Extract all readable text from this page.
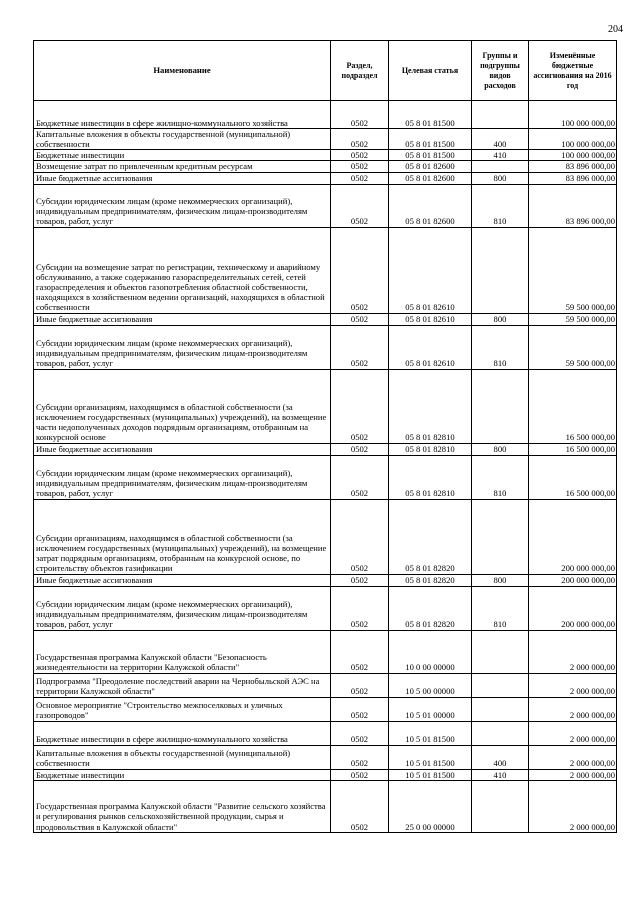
204
Наименование	Раздел, подраздел	Целевая статья	Группы и подгруппы видов расходов	Изменённые бюджетные ассигнования на 2016 год
Бюджетные инвестиции в сфере жилищно-коммунального хозяйства	0502	05 8 01 81500		100 000 000,00
Капитальные вложения в объекты государственной (муниципальной) собственности	0502	05 8 01 81500	400	100 000 000,00
Бюджетные инвестиции	0502	05 8 01 81500	410	100 000 000,00
Возмещение затрат по привлеченным кредитным ресурсам	0502	05 8 01 82600		83 896 000,00
Иные бюджетные ассигнования	0502	05 8 01 82600	800	83 896 000,00
Субсидии юридическим лицам (кроме некоммерческих организаций), индивидуальным предпринимателям, физическим лицам-производителям товаров, работ, услуг	0502	05 8 01 82600	810	83 896 000,00
Субсидии на возмещение затрат по регистрации, техническому и аварийному обслуживанию, а также содержанию газораспределительных сетей, сетей газораспределения и объектов газопотребления областной собственности, находящихся в хозяйственном ведении организаций, находящихся в областной собственности	0502	05 8 01 82610		59 500 000,00
Иные бюджетные ассигнования	0502	05 8 01 82610	800	59 500 000,00
Субсидии юридическим лицам (кроме некоммерческих организаций), индивидуальным предпринимателям, физическим лицам-производителям товаров, работ, услуг	0502	05 8 01 82610	810	59 500 000,00
Субсидии организациям, находящимся в областной собственности (за исключением государственных (муниципальных) учреждений), на возмещение части недополученных доходов подрядным организациям, отобранным на конкурсной основе	0502	05 8 01 82810		16 500 000,00
Иные бюджетные ассигнования	0502	05 8 01 82810	800	16 500 000,00
Субсидии юридическим лицам (кроме некоммерческих организаций), индивидуальным предпринимателям, физическим лицам-производителям товаров, работ, услуг	0502	05 8 01 82810	810	16 500 000,00
Субсидии организациям, находящимся в областной собственности (за исключением государственных (муниципальных) учреждений), на возмещение затрат подрядным организациям, отобранным на конкурсной основе, по строительству объектов газификации	0502	05 8 01 82820		200 000 000,00
Иные бюджетные ассигнования	0502	05 8 01 82820	800	200 000 000,00
Субсидии юридическим лицам (кроме некоммерческих организаций), индивидуальным предпринимателям, физическим лицам-производителям товаров, работ, услуг	0502	05 8 01 82820	810	200 000 000,00
Государственная программа Калужской области "Безопасность жизнедеятельности на территории Калужской области"	0502	10 0 00 00000		2 000 000,00
Подпрограмма "Преодоление последствий аварии на Чернобыльской АЭС на территории Калужской области"	0502	10 5 00 00000		2 000 000,00
Основное мероприятие "Строительство межпоселковых и уличных газопроводов"	0502	10 5 01 00000		2 000 000,00
Бюджетные инвестиции в сфере жилищно-коммунального хозяйства	0502	10 5 01 81500		2 000 000,00
Капитальные вложения в объекты государственной (муниципальной) собственности	0502	10 5 01 81500	400	2 000 000,00
Бюджетные инвестиции	0502	10 5 01 81500	410	2 000 000,00
Государственная программа Калужской области "Развитие сельского хозяйства и регулирования рынков сельскохозяйственной продукции, сырья и продовольствия в Калужской области"	0502	25 0 00 00000		2 000 000,00
